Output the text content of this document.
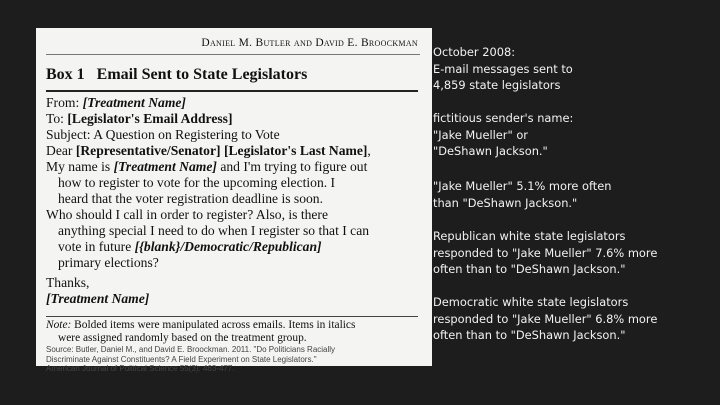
Daniel M. Butler and David E. Broockman
Box 1 Email Sent to State Legislators
From: [Treatment Name]
To: [Legislator's Email Address]
Subject: A Question on Registering to Vote
Dear [Representative/Senator] [Legislator's Last Name],
My name is [Treatment Name] and I'm trying to figure out
how to register to vote for the upcoming election. I
heard that the voter registration deadline is soon.
Who should I call in order to register? Also, is there
anything special I need to do when I register so that I can
vote in future [{blank}/Democratic/Republican]
primary elections?
Thanks,
[Treatment Name]
Note: Bolded items were manipulated across emails. Items in italics
were assigned randomly based on the treatment group.
Source: Butler, Daniel M., and David E. Broockman. 2011. "Do Politicians Racially
Discriminate Against Constituents? A Field Experiment on State Legislators."
American Journal of Political Science 55(3): 463-477.

October 2008:
E-mail messages sent to
4,859 state legislators

fictitious sender's name:
"Jake Mueller" or
"DeShawn Jackson."

"Jake Mueller" 5.1% more often
than "DeShawn Jackson."

Republican white state legislators
responded to "Jake Mueller" 7.6% more
often than to "DeShawn Jackson."

Democratic white state legislators
responded to "Jake Mueller" 6.8% more
often than to "DeShawn Jackson."
